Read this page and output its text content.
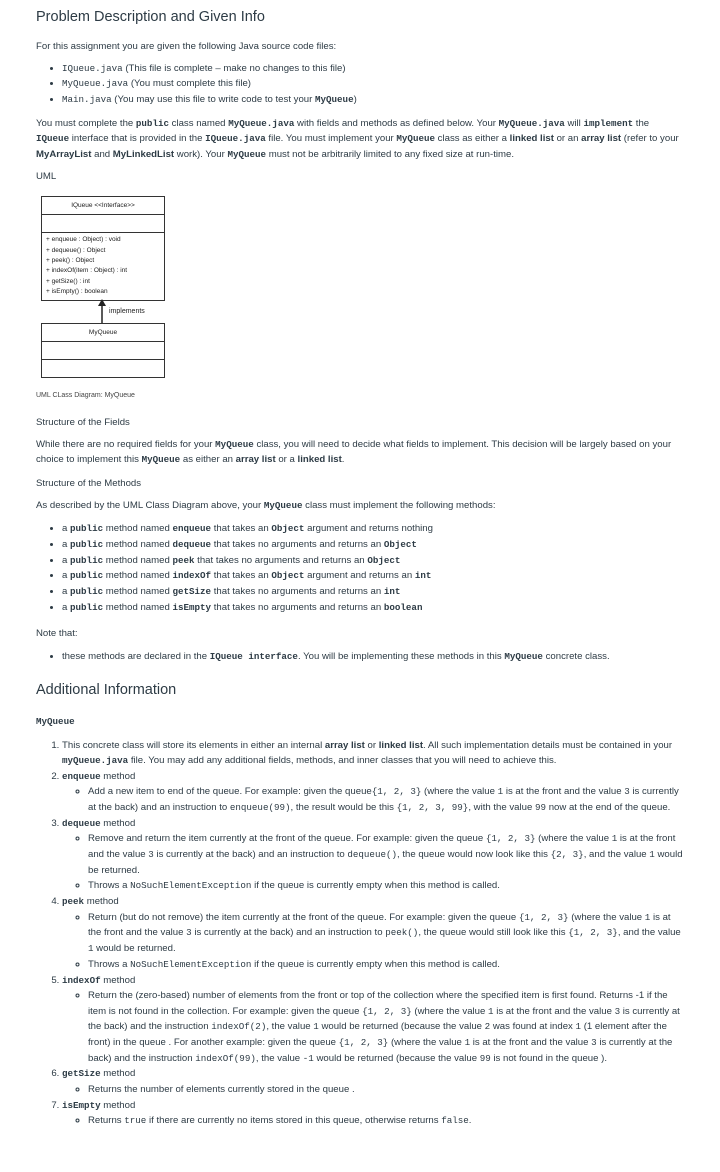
Problem Description and Given Info

For this assignment you are given the following Java source code files:

• IQueue.java (This file is complete – make no changes to this file)
• MyQueue.java (You must complete this file)
• Main.java (You may use this file to write code to test your MyQueue)

You must complete the public class named MyQueue.java with fields and methods as defined below. Your MyQueue.java will implement the IQueue interface that is provided in the IQueue.java file. You must implement your MyQueue class as either a linked list or an array list (refer to your MyArrayList and MyLinkedList work). Your MyQueue must not be arbitrarily limited to any fixed size at run-time.

UML

IQueue <<Interface>>
+ enqueue : Object) : void
+ dequeue() : Object
+ peek() : Object
+ indexOf(item : Object) : int
+ getSize() : int
+ isEmpty() : boolean
implements
MyQueue
UML CLass Diagram: MyQueue

Structure of the Fields

While there are no required fields for your MyQueue class, you will need to decide what fields to implement. This decision will be largely based on your choice to implement this MyQueue as either an array list or a linked list.

Structure of the Methods

As described by the UML Class Diagram above, your MyQueue class must implement the following methods:

• a public method named enqueue that takes an Object argument and returns nothing
• a public method named dequeue that takes no arguments and returns an Object
• a public method named peek that takes no arguments and returns an Object
• a public method named indexOf that takes an Object argument and returns an int
• a public method named getSize that takes no arguments and returns an int
• a public method named isEmpty that takes no arguments and returns an boolean

Note that:

• these methods are declared in the IQueue interface. You will be implementing these methods in this MyQueue concrete class.
Additional Information

MyQueue

1. This concrete class will store its elements in either an internal array list or linked list. All such implementation details must be contained in your myQueue.java file. You may add any additional fields, methods, and inner classes that you will need to achieve this.
2. enqueue method
◦ Add a new item to end of the queue. For example: given the queue{1, 2, 3} (where the value 1 is at the front and the value 3 is currently at the back) and an instruction to enqueue(99), the result would be this {1, 2, 3, 99}, with the value 99 now at the end of the queue.
3. dequeue method
◦ Remove and return the item currently at the front of the queue. For example: given the queue {1, 2, 3} (where the value 1 is at the front and the value 3 is currently at the back) and an instruction to dequeue(), the queue would now look like this {2, 3}, and the value 1 would be returned.
◦ Throws a NoSuchElementException if the queue is currently empty when this method is called.
4. peek method
◦ Return (but do not remove) the item currently at the front of the queue. For example: given the queue {1, 2, 3} (where the value 1 is at the front and the value 3 is currently at the back) and an instruction to peek(), the queue would still look like this {1, 2, 3}, and the value 1 would be returned.
◦ Throws a NoSuchElementException if the queue is currently empty when this method is called.
5. indexOf method
◦ Return the (zero-based) number of elements from the front or top of the collection where the specified item is first found. Returns -1 if the item is not found in the collection. For example: given the queue {1, 2, 3} (where the value 1 is at the front and the value 3 is currently at the back) and the instruction indexOf(2), the value 1 would be returned (because the value 2 was found at index 1 (1 element after the front) in the queue . For another example: given the queue {1, 2, 3} (where the value 1 is at the front and the value 3 is currently at the back) and the instruction indexOf(99), the value -1 would be returned (because the value 99 is not found in the queue ).
6. getSize method
◦ Returns the number of elements currently stored in the queue .
7. isEmpty method
◦ Returns true if there are currently no items stored in this queue, otherwise returns false.
